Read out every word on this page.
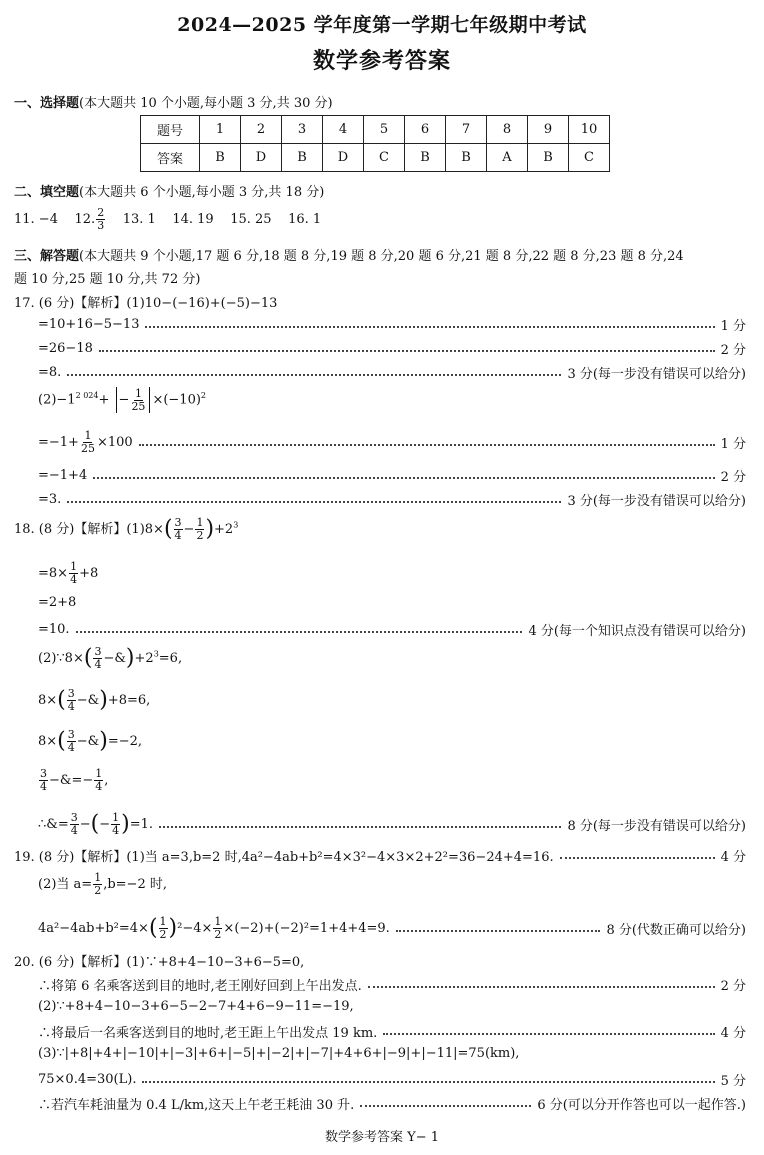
2024—2025 学年度第一学期七年级期中考试
数学参考答案
一、选择题(本大题共 10 个小题,每小题 3 分,共 30 分)
题号	1	2	3	4	5	6	7	8	9	10
答案	B	D	B	D	C	B	B	A	B	C
二、填空题(本大题共 6 个小题,每小题 3 分,共 18 分)
11. −4 12. $\frac{2}{3} 13$. 1 14. 19 15. 25 16. 1
三、解答题(本大题共 9 个小题,17 题 6 分,18 题 8 分,19 题 8 分,20 题 6 分,21 题 8 分,22 题 8 分,23 题 8 分,24
题 10 分,25 题 10 分,共 72 分)
17. (6 分)【解析】(1)10−(−16)+(−5)−13
=10+16−5−13	1 分
=26−18	2 分
=8.	3 分(每一步没有错误可以给分)
$(2)-1^{2 024}+ - \frac{1}{25} \times(-10)^2$
$=-1+ \frac{1}{25} \times 100$	1 分
=−1+4	2 分
=3.	3 分(每一步没有错误可以给分)
18. (8 分)【解析】$(1)8\times( \frac{3}{4} - \frac{1}{2} )+2^3$
$=8\times \frac{1}{4} +8$
=2+8
=10.	4 分(每一个知识点没有错误可以给分)
(2)∵8×( $\frac{3}{4}$ $-\&)+2^3=6$,
$8\times( \frac{3}{4}$ −&)+8=6,
$8\times( \frac{3}{4}$ −&)=−2,
$\frac{3}{4}$ −&=− $\frac{1}{4}$ ,
∴&= $\frac{3}{4}$ −(− $\frac{1}{4} )=1$.	8 分(每一步没有错误可以给分)
19. (8 分)【解析】(1)当 a=3,b=2 时,4a²−4ab+b²=4×3²−4×3×2+2²=36−24+4=16.	4 分
(2)当 $a= \frac{1}{2} ,b=-2$ 时,
$4a^2-4ab+b^2=4\times( \frac{1}{2} )^2-4\times \frac{1}{2} \times(-2)+(-2)^2=1+4+4=9$.	8 分(代数正确可以给分)
20. (6 分)【解析】(1)∵+8+4−10−3+6−5=0,
∴将第 6 名乘客送到目的地时,老王刚好回到上午出发点.	2 分
(2)∵+8+4−10−3+6−5−2−7+4+6−9−11=−19,
∴将最后一名乘客送到目的地时,老王距上午出发点 19 km.	4 分
(3)∵|+8|+4+|−10|+|−3|+6+|−5|+|−2|+|−7|+4+6+|−9|+|−11|=75(km),
75×0.4=30(L).	5 分
∴若汽车耗油量为 0.4 L/km,这天上午老王耗油 30 升.	6 分(可以分开作答也可以一起作答.)
数学参考答案 Y− 1
